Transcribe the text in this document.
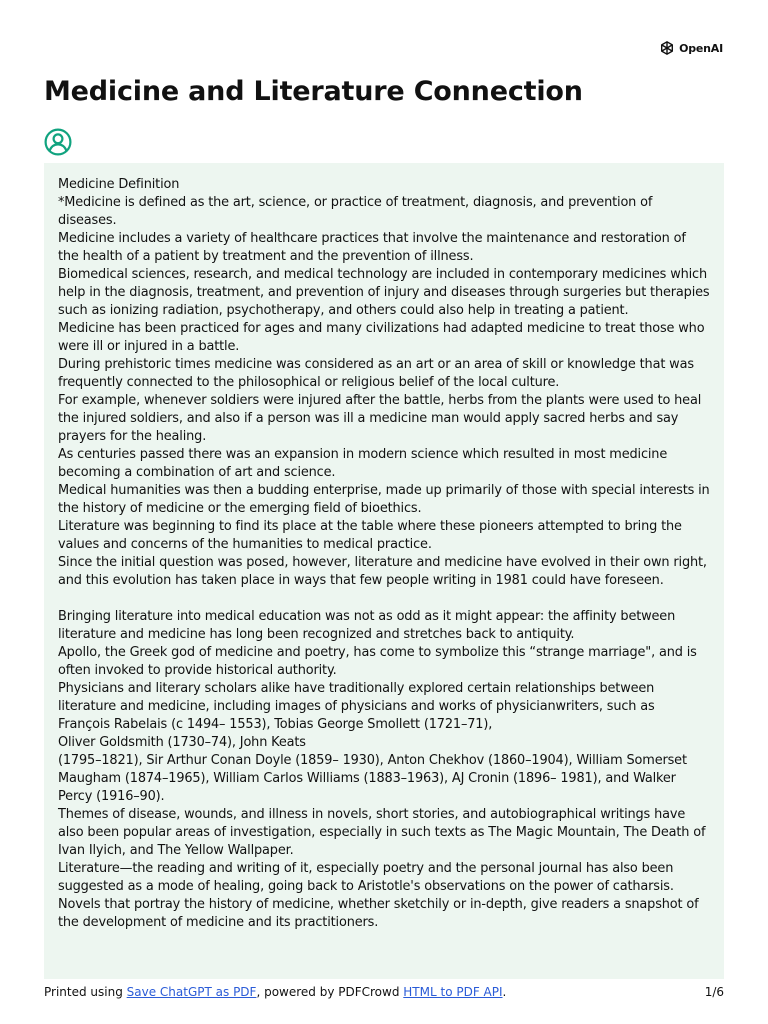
OpenAI
Medicine and Literature Connection

Medicine Definition

*Medicine is defined as the art, science, or practice of treatment, diagnosis, and prevention of diseases.

Medicine includes a variety of healthcare practices that involve the maintenance and restoration of the health of a patient by treatment and the prevention of illness.

Biomedical sciences, research, and medical technology are included in contemporary medicines which help in the diagnosis, treatment, and prevention of injury and diseases through surgeries but therapies such as ionizing radiation, psychotherapy, and others could also help in treating a patient.

Medicine has been practiced for ages and many civilizations had adapted medicine to treat those who were ill or injured in a battle.

During prehistoric times medicine was considered as an art or an area of skill or knowledge that was frequently connected to the philosophical or religious belief of the local culture.

For example, whenever soldiers were injured after the battle, herbs from the plants were used to heal the injured soldiers, and also if a person was ill a medicine man would apply sacred herbs and say prayers for the healing.

As centuries passed there was an expansion in modern science which resulted in most medicine becoming a combination of art and science.

Medical humanities was then a budding enterprise, made up primarily of those with special interests in the history of medicine or the emerging field of bioethics.

Literature was beginning to find its place at the table where these pioneers attempted to bring the values and concerns of the humanities to medical practice.

Since the initial question was posed, however, literature and medicine have evolved in their own right, and this evolution has taken place in ways that few people writing in 1981 could have foreseen.

Bringing literature into medical education was not as odd as it might appear: the affinity between literature and medicine has long been recognized and stretches back to antiquity.

Apollo, the Greek god of medicine and poetry, has come to symbolize this “strange marriage", and is often invoked to provide historical authority.

Physicians and literary scholars alike have traditionally explored certain relationships between literature and medicine, including images of physicians and works of physicianwriters, such as François Rabelais (c 1494– 1553), Tobias George Smollett (1721–71),

Oliver Goldsmith (1730–74), John Keats

(1795–1821), Sir Arthur Conan Doyle (1859– 1930), Anton Chekhov (1860–1904), William Somerset Maugham (1874–1965), William Carlos Williams (1883–1963), AJ Cronin (1896– 1981), and Walker Percy (1916–90).

Themes of disease, wounds, and illness in novels, short stories, and autobiographical writings have also been popular areas of investigation, especially in such texts as The Magic Mountain, The Death of Ivan Ilyich, and The Yellow Wallpaper.

Literature—the reading and writing of it, especially poetry and the personal journal has also been suggested as a mode of healing, going back to Aristotle's observations on the power of catharsis.

Novels that portray the history of medicine, whether sketchily or in-depth, give readers a snapshot of the development of medicine and its practitioners.

Printed using Save ChatGPT as PDF, powered by PDFCrowd HTML to PDF API.	1/6
